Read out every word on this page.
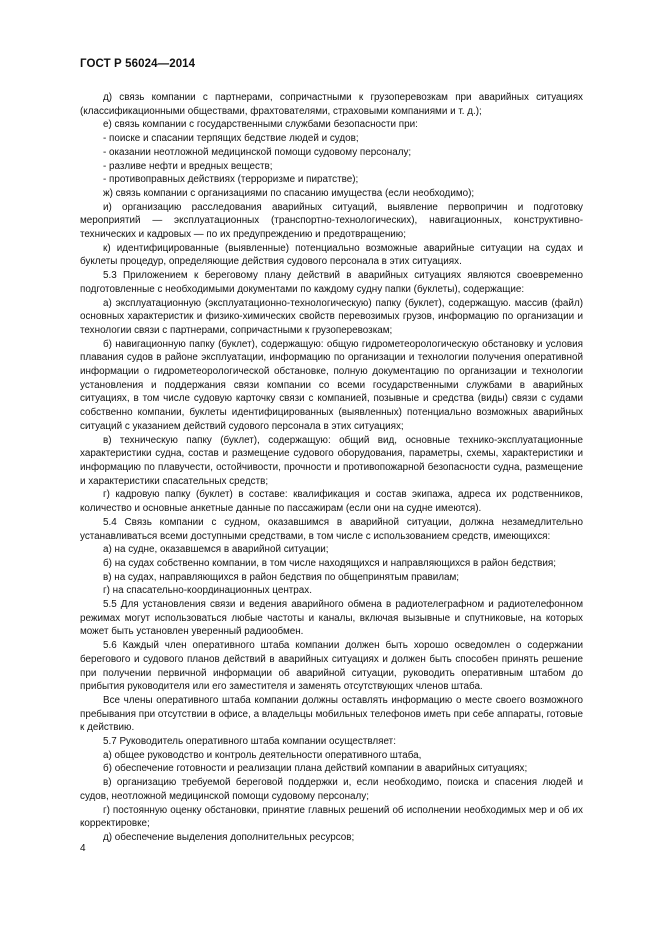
ГОСТ Р 56024—2014

д) связь компании с партнерами, сопричастными к грузоперевозкам при аварийных ситуациях (классификационными обществами, фрахтователями, страховыми компаниями и т. д.);

е) связь компании с государственными службами безопасности при:

- поиске и спасании терпящих бедствие людей и судов;

- оказании неотложной медицинской помощи судовому персоналу;

- разливе нефти и вредных веществ;

- противоправных действиях (терроризме и пиратстве);

ж) связь компании с организациями по спасанию имущества (если необходимо);

и) организацию расследования аварийных ситуаций, выявление первопричин и подготовку мероприятий — эксплуатационных (транспортно-технологических), навигационных, конструктивно-технических и кадровых — по их предупреждению и предотвращению;

к) идентифицированные (выявленные) потенциально возможные аварийные ситуации на судах и буклеты процедур, определяющие действия судового персонала в этих ситуациях.

5.3 Приложением к береговому плану действий в аварийных ситуациях являются своевременно подготовленные с необходимыми документами по каждому судну папки (буклеты), содержащие:

а) эксплуатационную (эксплуатационно-технологическую) папку (буклет), содержащую. массив (файл) основных характеристик и физико-химических свойств перевозимых грузов, информацию по организации и технологии связи с партнерами, сопричастными к грузоперевозкам;

б) навигационную папку (буклет), содержащую: общую гидрометеорологическую обстановку и условия плавания судов в районе эксплуатации, информацию по организации и технологии получения оперативной информации о гидрометеорологической обстановке, полную документацию по организации и технологии установления и поддержания связи компании со всеми государственными службами в аварийных ситуациях, в том числе судовую карточку связи с компанией, позывные и средства (виды) связи с судами собственно компании, буклеты идентифицированных (выявленных) потенциально возможных аварийных ситуаций с указанием действий судового персонала в этих ситуациях;

в) техническую папку (буклет), содержащую: общий вид, основные технико-эксплуатационные характеристики судна, состав и размещение судового оборудования, параметры, схемы, характеристики и информацию по плавучести, остойчивости, прочности и противопожарной безопасности судна, размещение и характеристики спасательных средств;

г) кадровую папку (буклет) в составе: квалификация и состав экипажа, адреса их родственников, количество и основные анкетные данные по пассажирам (если они на судне имеются).

5.4 Связь компании с судном, оказавшимся в аварийной ситуации, должна незамедлительно устанавливаться всеми доступными средствами, в том числе с использованием средств, имеющихся:

а) на судне, оказавшемся в аварийной ситуации;

б) на судах собственно компании, в том числе находящихся и направляющихся в район бедствия;

в) на судах, направляющихся в район бедствия по общепринятым правилам;

г) на спасательно-координационных центрах.

5.5 Для установления связи и ведения аварийного обмена в радиотелеграфном и радиотелефонном режимах могут использоваться любые частоты и каналы, включая вызывные и спутниковые, на которых может быть установлен уверенный радиообмен.

5.6 Каждый член оперативного штаба компании должен быть хорошо осведомлен о содержании берегового и судового планов действий в аварийных ситуациях и должен быть способен принять решение при получении первичной информации об аварийной ситуации, руководить оперативным штабом до прибытия руководителя или его заместителя и заменять отсутствующих членов штаба.

Все члены оперативного штаба компании должны оставлять информацию о месте своего возможного пребывания при отсутствии в офисе, а владельцы мобильных телефонов иметь при себе аппараты, готовые к действию.

5.7 Руководитель оперативного штаба компании осуществляет:

а) общее руководство и контроль деятельности оперативного штаба,

б) обеспечение готовности и реализации плана действий компании в аварийных ситуациях;

в) организацию требуемой береговой поддержки и, если необходимо, поиска и спасения людей и судов, неотложной медицинской помощи судовому персоналу;

г) постоянную оценку обстановки, принятие главных решений об исполнении необходимых мер и об их корректировке;

д) обеспечение выделения дополнительных ресурсов;

4
